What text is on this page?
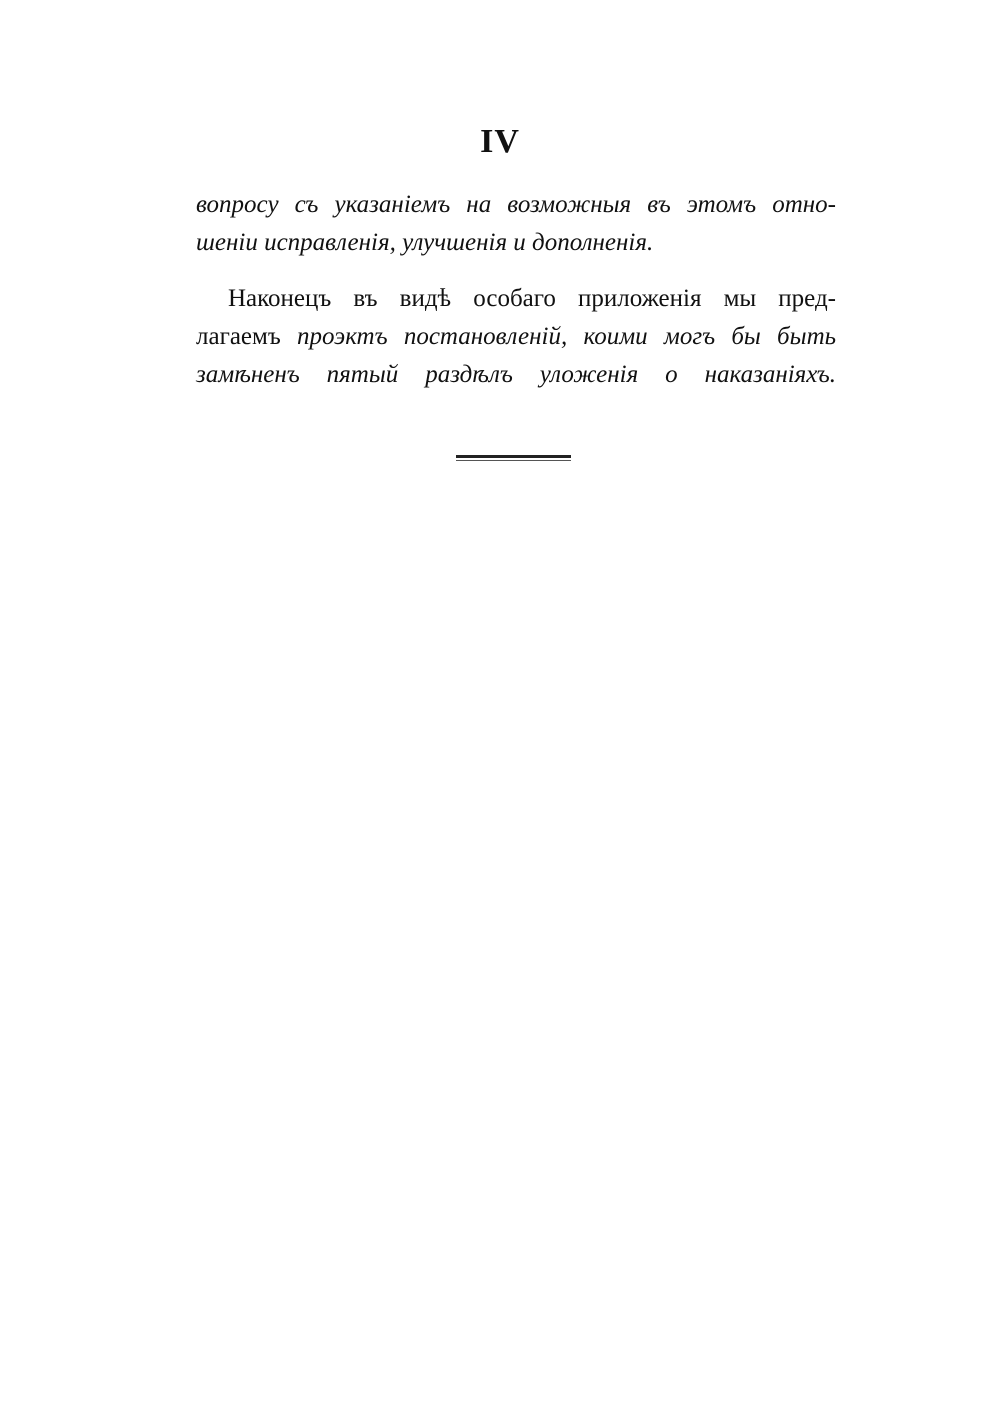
IV
вопросу съ указаніемъ на возможныя въ этомъ отно-
шеніи исправленія, улучшенія и дополненія.
Наконецъ въ видѣ особаго приложенія мы пред-
лагаемъ проэктъ постановленій, коими могъ бы быть
замѣненъ пятый раздѣлъ уложенія о наказаніяхъ.
